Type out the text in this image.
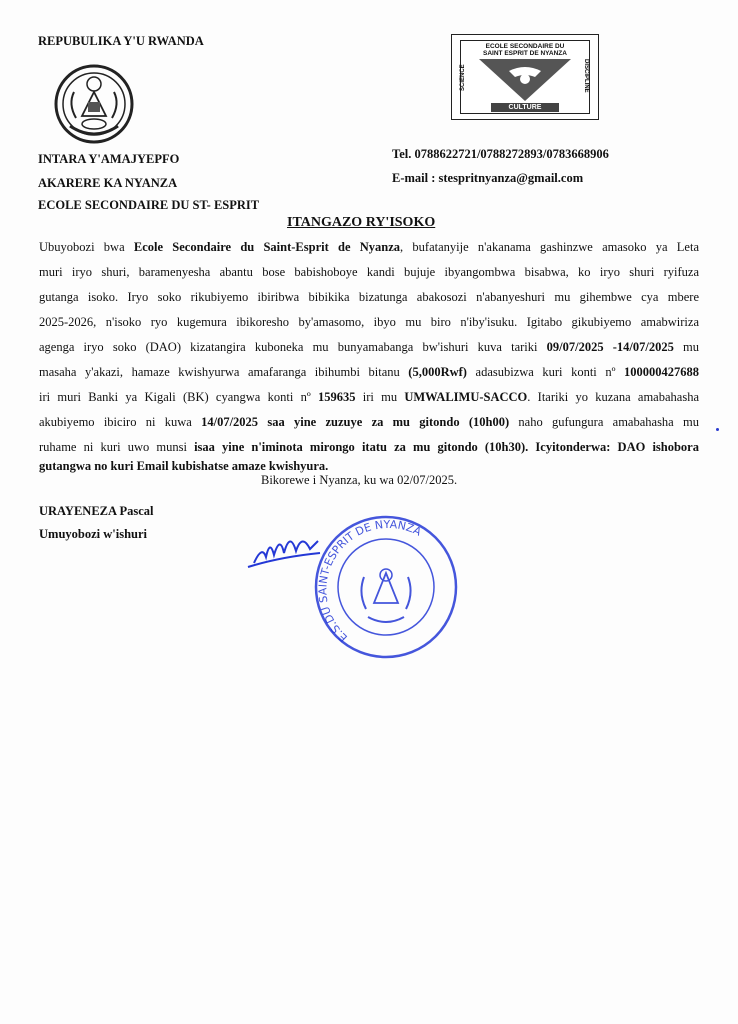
REPUBULIKA Y'U RWANDA
INTARA Y'AMAJYEPFO
AKARERE KA NYANZA
ECOLE SECONDAIRE DU ST- ESPRIT
ECOLE SECONDAIRE DU
SAINT ESPRIT DE NYANZA
SCIENCE	DISCIPLINE
CULTURE
Tel. 0788622721/0788272893/0783668906
E-mail : stespritnyanza@gmail.com
ITANGAZO RY'ISOKO
Ubuyobozi bwa Ecole Secondaire du Saint-Esprit de Nyanza, bufatanyije n'akanama gashinzwe amasoko ya Leta
muri iryo shuri, baramenyesha abantu bose babishoboye kandi bujuje ibyangombwa bisabwa, ko iryo shuri ryifuza
gutanga isoko. Iryo soko rikubiyemo ibiribwa bibikika bizatunga abakosozi n'abanyeshuri mu gihembwe cya mbere
2025-2026, n'isoko ryo kugemura ibikoresho by'amasomo, ibyo mu biro n'iby'isuku. Igitabo gikubiyemo amabwiriza
agenga iryo soko (DAO) kizatangira kuboneka mu bunyamabanga bw'ishuri kuva tariki 09/07/2025 -14/07/2025 mu
masaha y'akazi, hamaze kwishyurwa amafaranga ibihumbi bitanu (5,000Rwf) adasubizwa kuri konti nº 100000427688
iri muri Banki ya Kigali (BK) cyangwa konti nº 159635 iri mu UMWALIMU-SACCO. Itariki yo kuzana amabahasha
akubiyemo ibiciro ni kuwa 14/07/2025 saa yine zuzuye za mu gitondo (10h00) naho gufungura amabahasha mu
ruhame ni kuri uwo munsi isaa yine n'iminota mirongo itatu za mu gitondo (10h30). Icyitonderwa: DAO ishobora
gutangwa no kuri Email kubishatse amaze kwishyura.
Bikorewe i Nyanza, ku wa 02/07/2025.
URAYENEZA Pascal
Umuyobozi w'ishuri
E.S.DU SAINT-ESPRIT DE NYANZA
